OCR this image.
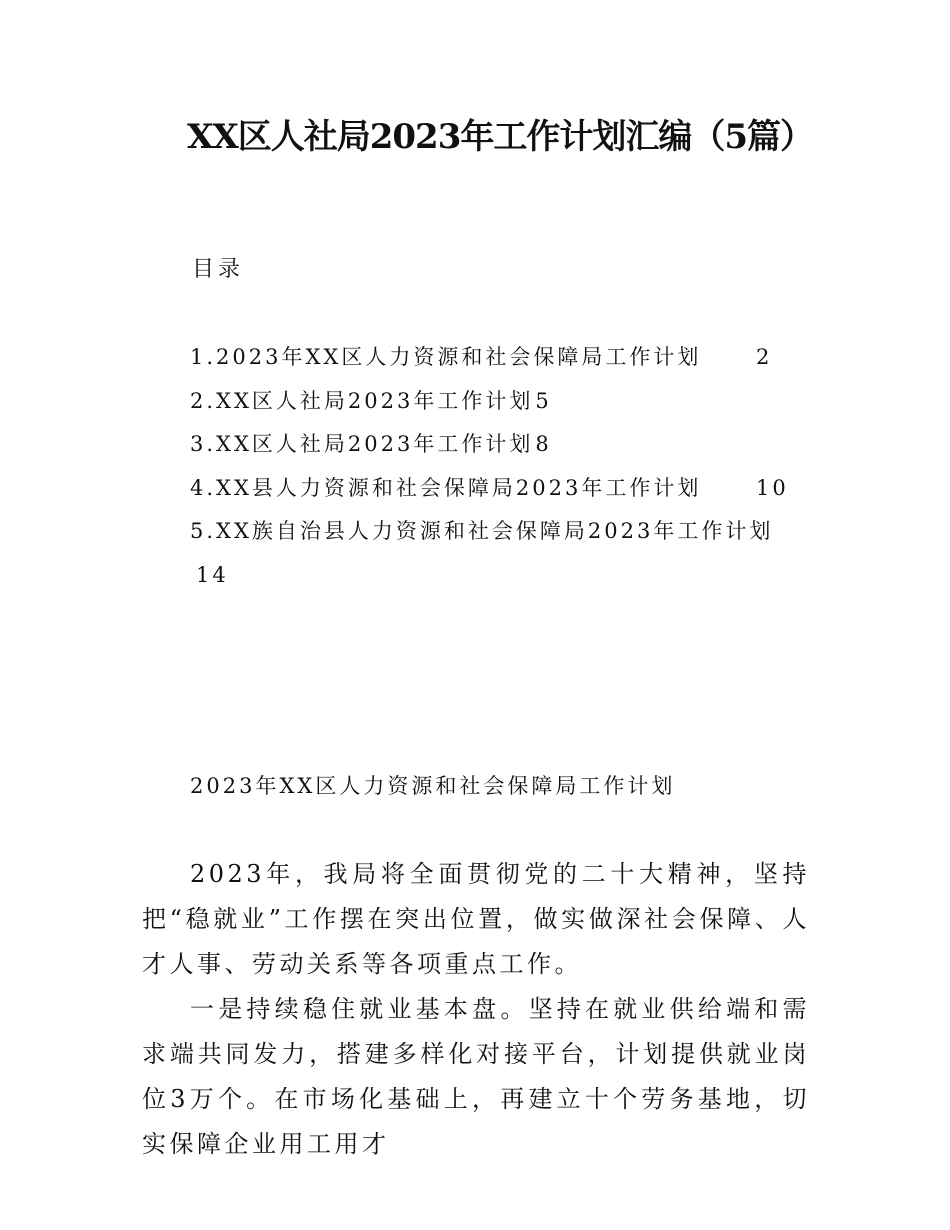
XX区人社局2023年工作计划汇编（5篇）
目录
1.2023年XX区人力资源和社会保障局工作计划	2
2.XX区人社局2023年工作计划5
3.XX区人社局2023年工作计划8
4.XX县人力资源和社会保障局2023年工作计划	10
5.XX族自治县人力资源和社会保障局2023年工作计划
14
2023年XX区人力资源和社会保障局工作计划

2023年，我局将全面贯彻党的二十大精神，坚持把“稳就业”工作摆在突出位置，做实做深社会保障、人才人事、劳动关系等各项重点工作。

一是持续稳住就业基本盘。坚持在就业供给端和需求端共同发力，搭建多样化对接平台，计划提供就业岗位3万个。在市场化基础上，再建立十个劳务基地，切实保障企业用工用才
